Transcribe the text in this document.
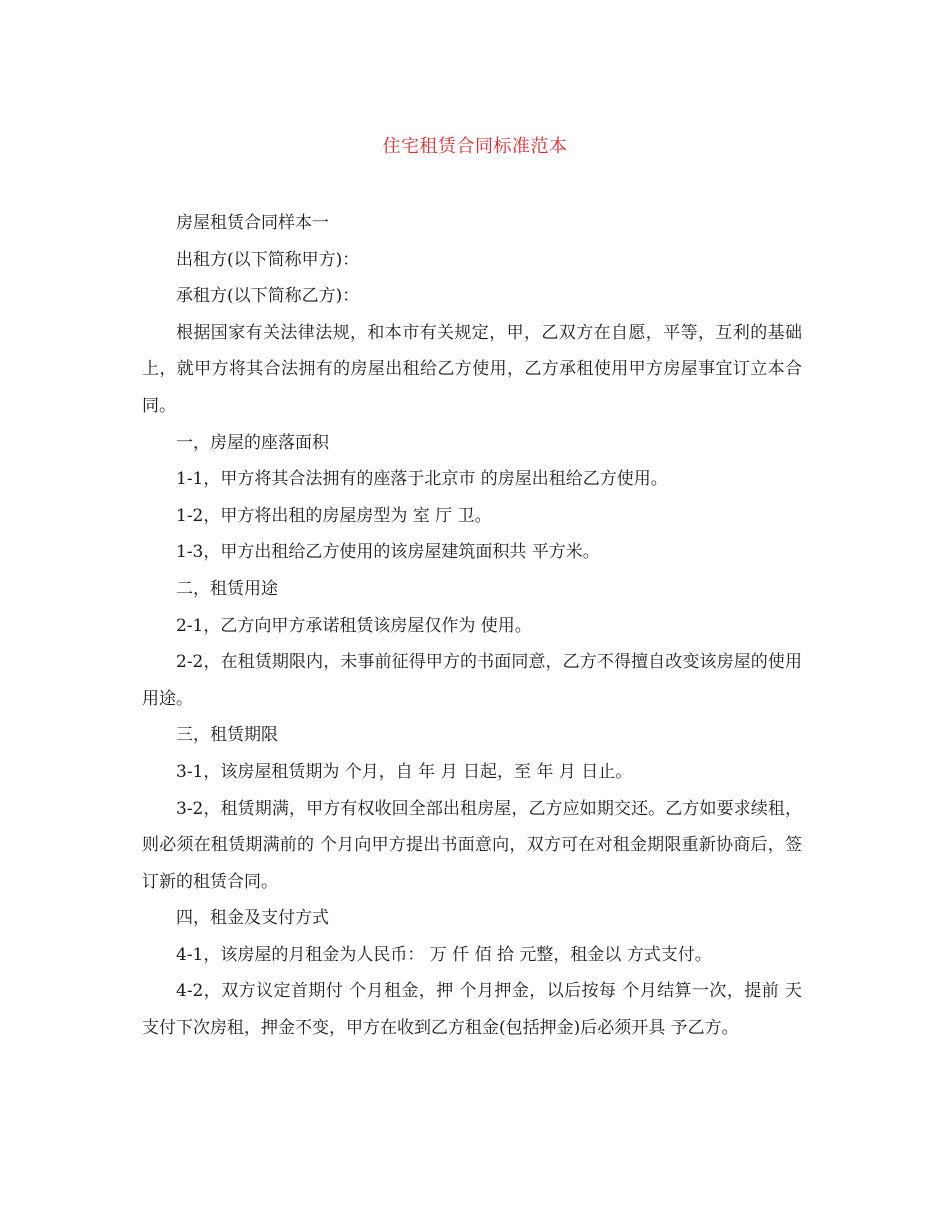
住宅租赁合同标准范本

房屋租赁合同样本一

出租方(以下简称甲方)：

承租方(以下简称乙方)：

根据国家有关法律法规，和本市有关规定，甲，乙双方在自愿，平等，互利的基础上，就甲方将其合法拥有的房屋出租给乙方使用，乙方承租使用甲方房屋事宜订立本合同。

一，房屋的座落面积

1-1，甲方将其合法拥有的座落于北京市 的房屋出租给乙方使用。

1-2，甲方将出租的房屋房型为 室 厅 卫。

1-3，甲方出租给乙方使用的该房屋建筑面积共 平方米。

二，租赁用途

2-1，乙方向甲方承诺租赁该房屋仅作为 使用。

2-2，在租赁期限内，未事前征得甲方的书面同意，乙方不得擅自改变该房屋的使用用途。

三，租赁期限

3-1，该房屋租赁期为 个月，自 年 月 日起，至 年 月 日止。

3-2，租赁期满，甲方有权收回全部出租房屋，乙方应如期交还。乙方如要求续租，则必须在租赁期满前的 个月向甲方提出书面意向，双方可在对租金期限重新协商后，签订新的租赁合同。

四，租金及支付方式

4-1，该房屋的月租金为人民币： 万 仟 佰 拾 元整，租金以 方式支付。

4-2，双方议定首期付 个月租金，押 个月押金，以后按每 个月结算一次，提前 天支付下次房租，押金不变，甲方在收到乙方租金(包括押金)后必须开具 予乙方。
